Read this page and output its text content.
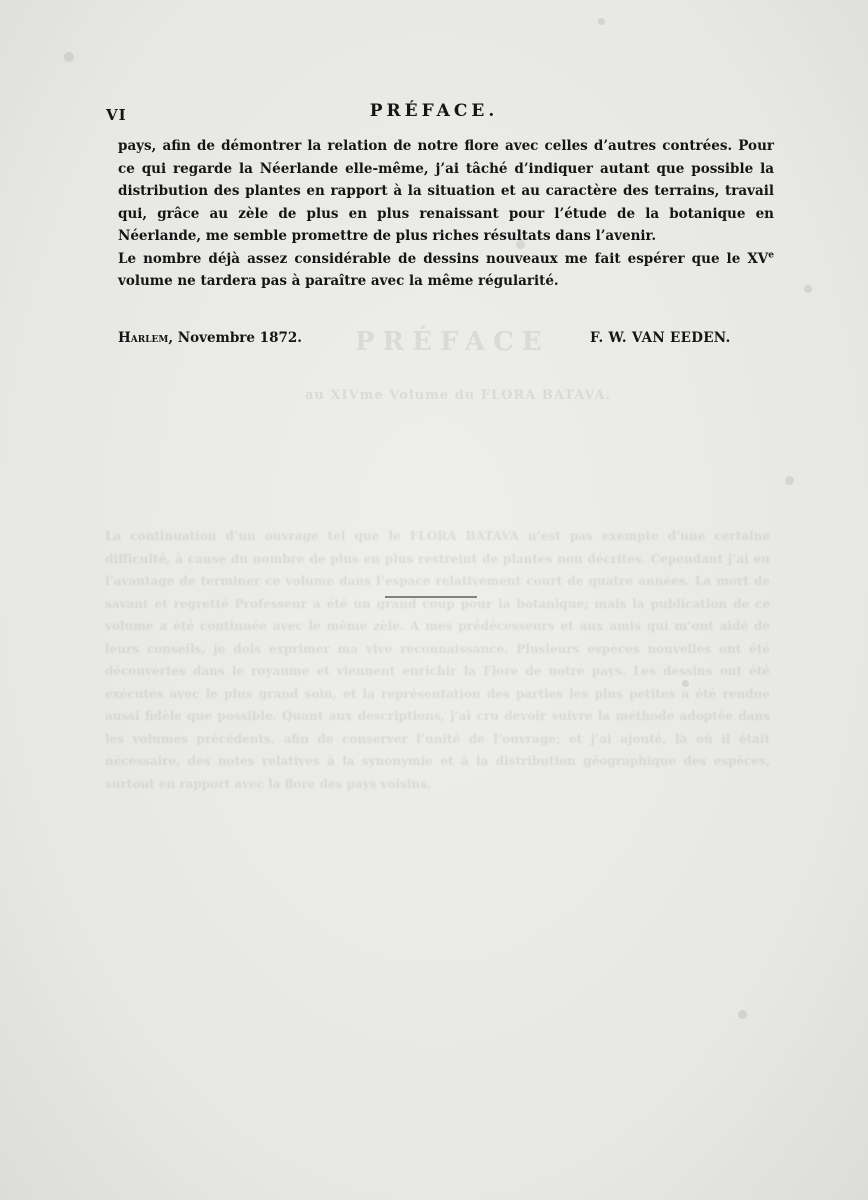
PRÉFACE
au XIVme Volume du FLORA BATAVA.
La continuation d’un ouvrage tel que le FLORA BATAVA n’est pas exempte d’une certaine difficulté, à cause du nombre de plus en plus restreint de plantes non décrites. Cependant j’ai eu l’avantage de terminer ce volume dans l’espace relativement court de quatre années. La mort de savant et regretté Professeur a été un grand coup pour la botanique; mais la publication de ce volume a été continuée avec le même zèle. A mes prédécesseurs et aux amis qui m’ont aidé de leurs conseils, je dois exprimer ma vive reconnaissance. Plusieurs espèces nouvelles ont été découvertes dans le royaume et viennent enrichir la Flore de notre pays. Les dessins ont été exécutés avec le plus grand soin, et la représentation des parties les plus petites a été rendue aussi fidèle que possible. Quant aux descriptions, j’ai cru devoir suivre la méthode adoptée dans les volumes précédents, afin de conserver l’unité de l’ouvrage; et j’ai ajouté, là où il était nécessaire, des notes relatives à la synonymie et à la distribution géographique des espèces, surtout en rapport avec la flore des pays voisins.
VI	PRÉFACE.

pays, afin de démontrer la relation de notre flore avec celles d’autres contrées. Pour ce qui regarde la Néerlande elle-même, j’ai tâché d’indiquer autant que possible la distribution des plantes en rapport à la situation et au caractère des terrains, travail qui, grâce au zèle de plus en plus renaissant pour l’étude de la botanique en Néerlande, me semble promettre de plus riches résultats dans l’avenir.

Le nombre déjà assez considérable de dessins nouveaux me fait espérer que le XVe volume ne tardera pas à paraître avec la même régularité.

Harlem, Novembre 1872.	F. W. VAN EEDEN.
